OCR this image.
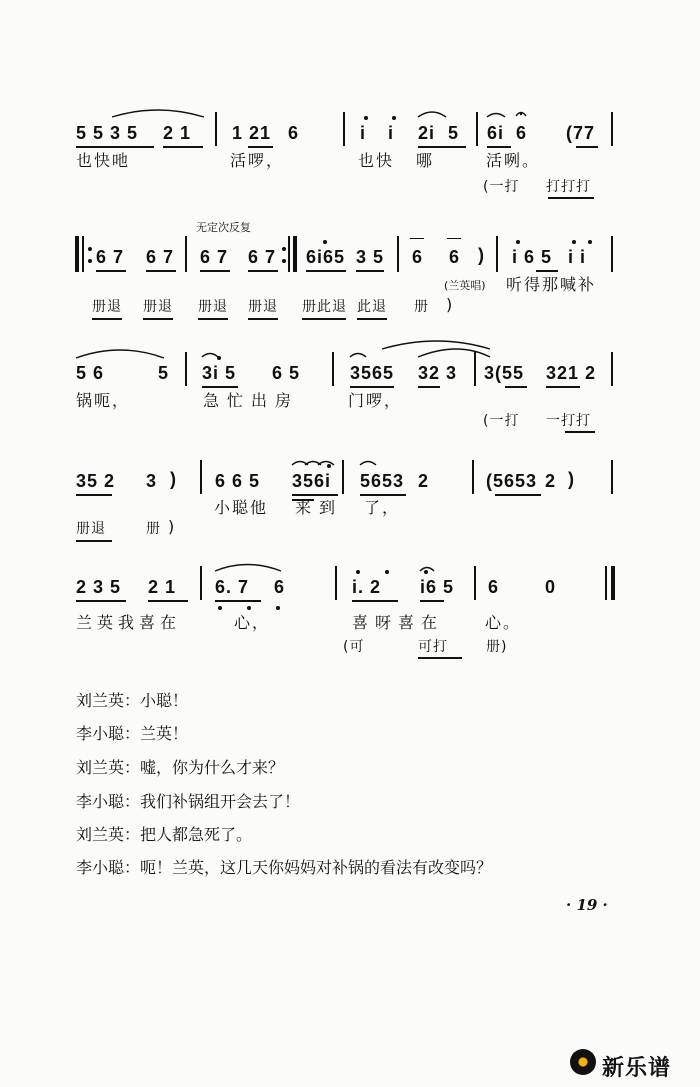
5 5 3 5 2 1 1 21 6	i i 2i 5 6i 6 (77
也快吔	活啰，	也快 哪	活咧。
(一打 打打打
无定次反复
6 7 6 7 6 7 6 7 6i65 3 5 6 6 ) i 6 5 i i
(兰英唱) 听得那喊补
册退 册退 册退 册退 册此退 此退 册 )
5 6	5 3i 5 6 5	3565 32 3 3(55 321 2
锅呃，	急忙出房	门啰，
(一打 一打打
35 2 3 ) 6 6 5 356i 5653 2	(5653 2 )
小聪他 来到 了，
册退	册 )
2 3 5 2 1 6. 7 6	i. 2 i6 5 6	0
兰英我喜在	心，	喜呀喜在	心。
(可	可打	册)
刘兰英：小聪！
李小聪：兰英！
刘兰英：嘘，你为什么才来？
李小聪：我们补锅组开会去了！
刘兰英：把人都急死了。
李小聪：呃！兰英，这几天你妈妈对补锅的看法有改变吗？
· 19 ·
新乐谱
